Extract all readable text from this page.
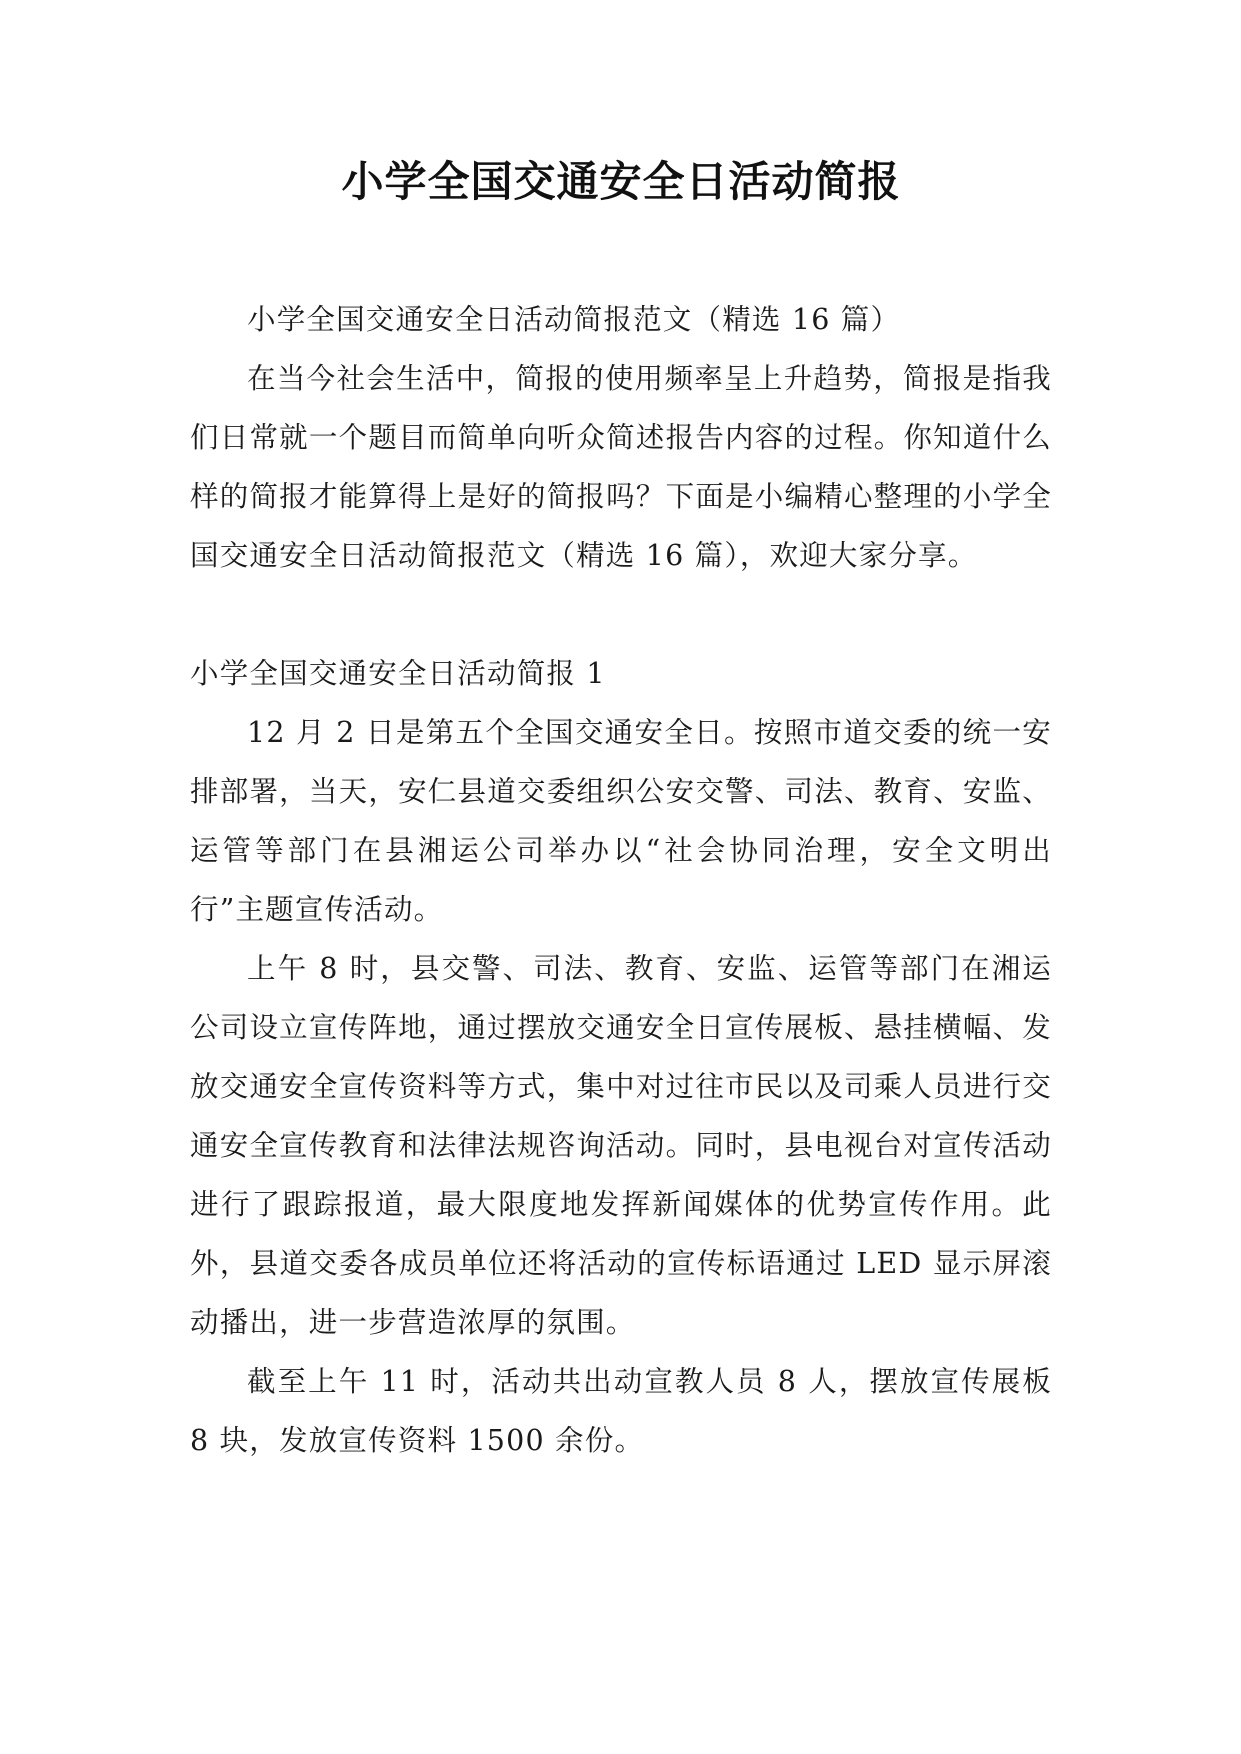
小学全国交通安全日活动简报

小学全国交通安全日活动简报范文（精选 16 篇）

在当今社会生活中，简报的使用频率呈上升趋势，简报是指我们日常就一个题目而简单向听众简述报告内容的过程。你知道什么样的简报才能算得上是好的简报吗？下面是小编精心整理的小学全国交通安全日活动简报范文（精选 16 篇），欢迎大家分享。

小学全国交通安全日活动简报 1

12 月 2 日是第五个全国交通安全日。按照市道交委的统一安排部署，当天，安仁县道交委组织公安交警、司法、教育、安监、运管等部门在县湘运公司举办以“社会协同治理，安全文明出行”主题宣传活动。

上午 8 时，县交警、司法、教育、安监、运管等部门在湘运公司设立宣传阵地，通过摆放交通安全日宣传展板、悬挂横幅、发放交通安全宣传资料等方式，集中对过往市民以及司乘人员进行交通安全宣传教育和法律法规咨询活动。同时，县电视台对宣传活动进行了跟踪报道，最大限度地发挥新闻媒体的优势宣传作用。此外，县道交委各成员单位还将活动的宣传标语通过 LED 显示屏滚动播出，进一步营造浓厚的氛围。

截至上午 11 时，活动共出动宣教人员 8 人，摆放宣传展板 8 块，发放宣传资料 1500 余份。
